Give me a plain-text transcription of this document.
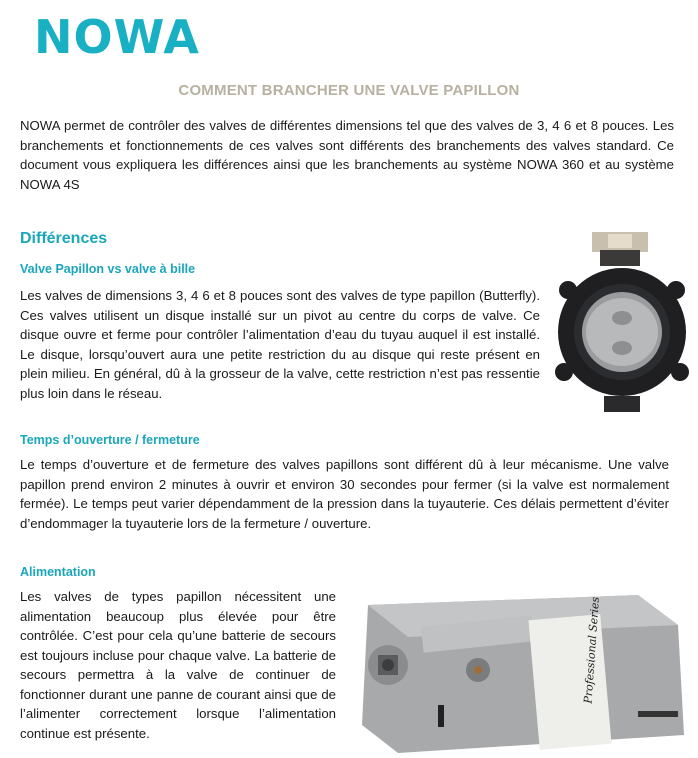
NOWA
COMMENT BRANCHER UNE VALVE PAPILLON

NOWA permet de contrôler des valves de différentes dimensions tel que des valves de 3, 4 6 et 8 pouces. Les branchements et fonctionnements de ces valves sont différents des branchements des valves standard. Ce document vous expliquera les différences ainsi que les branchements au système NOWA 360 et au système NOWA 4S

Différences
Valve Papillon vs valve à bille

Les valves de dimensions 3, 4 6 et 8 pouces sont des valves de type papillon (Butterfly). Ces valves utilisent un disque installé sur un pivot au centre du corps de valve. Ce disque ouvre et ferme pour contrôler l’alimentation d’eau du tuyau auquel il est installé. Le disque, lorsqu’ouvert aura une petite restriction du au disque qui reste présent en plein milieu. En général, dû à la grosseur de la valve, cette restriction n’est pas ressentie plus loin dans le réseau.

Temps d’ouverture / fermeture

Le temps d’ouverture et de fermeture des valves papillons sont différent dû à leur mécanisme. Une valve papillon prend environ 2 minutes à ouvrir et environ 30 secondes pour fermer (si la valve est normalement fermée). Le temps peut varier dépendamment de la pression dans la tuyauterie. Ces délais permettent d’éviter d’endommager la tuyauterie lors de la fermeture / ouverture.

Alimentation

Les valves de types papillon nécessitent une alimentation beaucoup plus élevée pour être contrôlée. C’est pour cela qu’une batterie de secours est toujours incluse pour chaque valve. La batterie de secours permettra à la valve de continuer de fonctionner durant une panne de courant ainsi que de l’alimenter correctement lorsque l’alimentation continue est présente.

Professional Series
